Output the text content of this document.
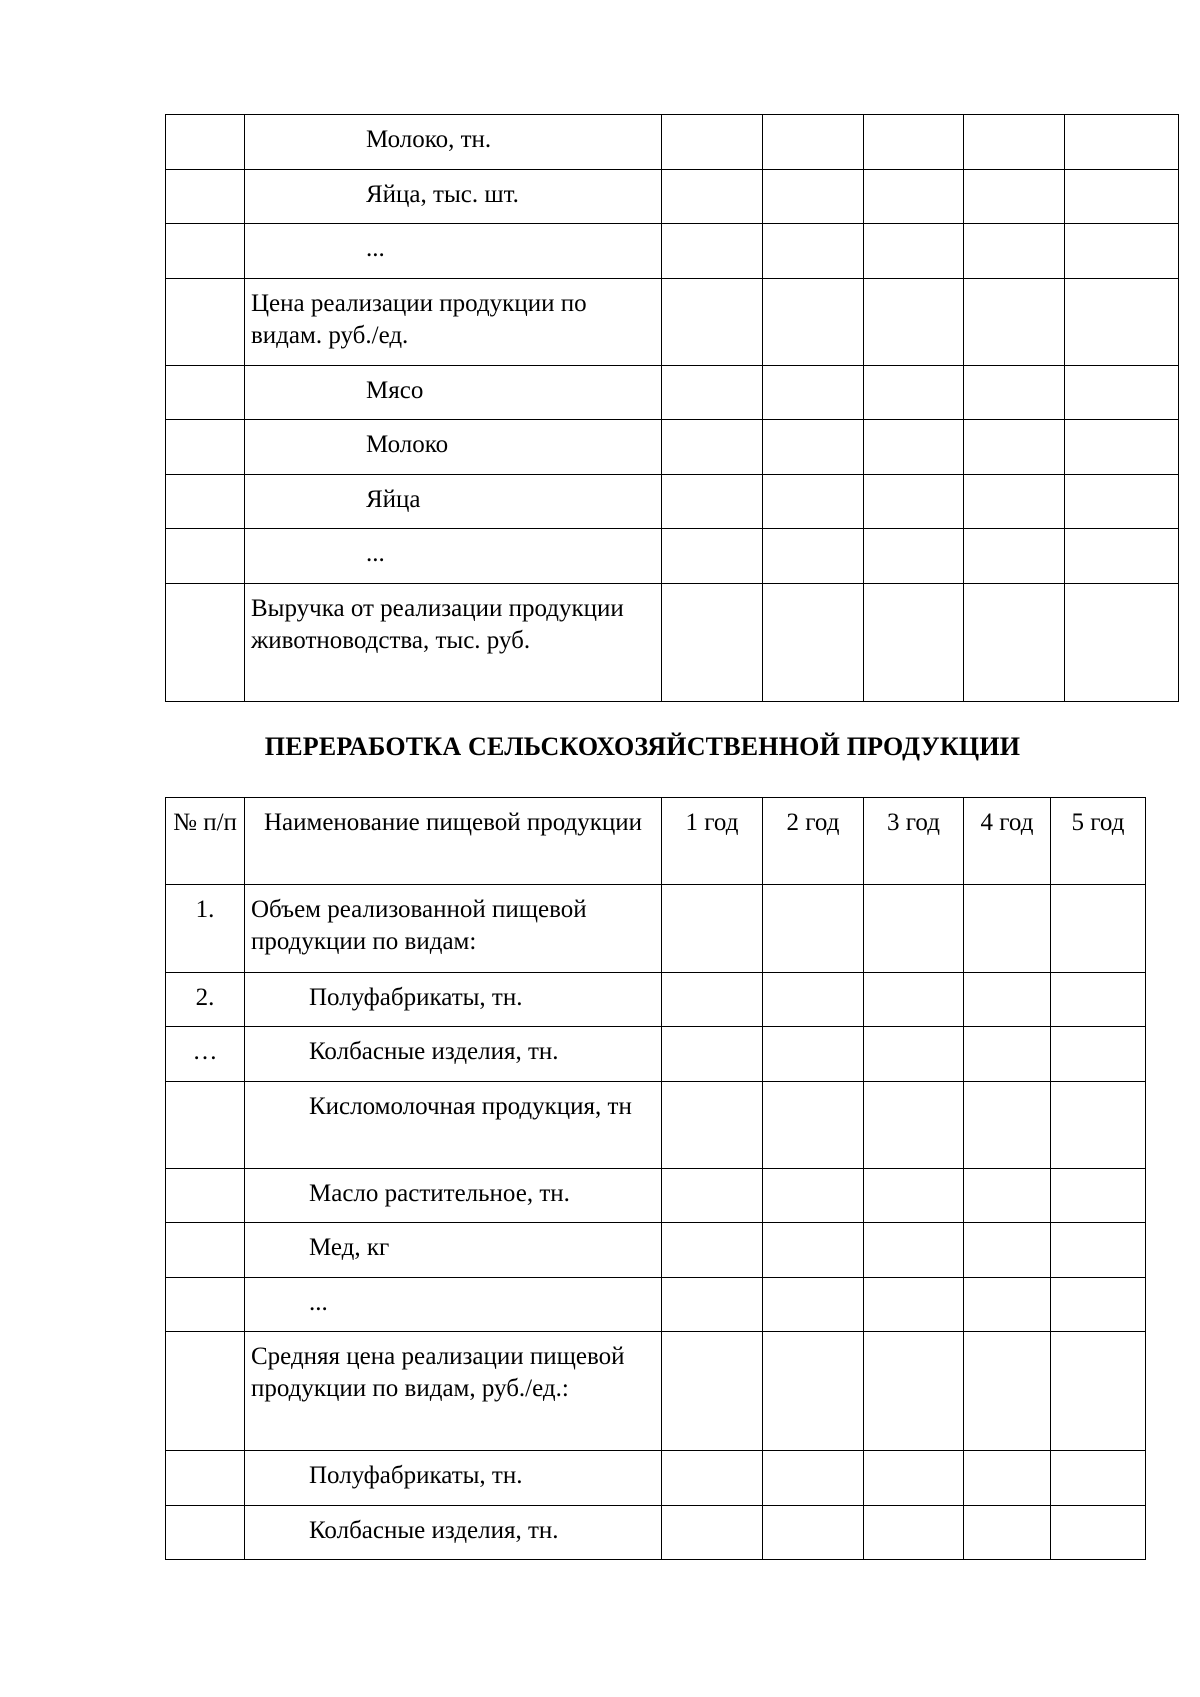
	Молоко, тн.					
	Яйца, тыс. шт.					
	...					
	Цена реализации продукции по видам. руб./ед.					
	Мясо					
	Молоко					
	Яйца					
	...					
	Выручка от реализации продукции животноводства, тыс. руб.					
ПЕРЕРАБОТКА СЕЛЬСКОХОЗЯЙСТВЕННОЙ ПРОДУКЦИИ
№ п/п	Наименование пищевой продукции	1 год	2 год	3 год	4 год	5 год
1.	Объем реализованной пищевой продукции по видам:					
2.	Полуфабрикаты, тн.					
…	Колбасные изделия, тн.					
	Кисломолочная продукция, тн					
	Масло растительное, тн.					
	Мед, кг					
	...					
	Средняя цена реализации пищевой продукции по видам, руб./ед.:					
	Полуфабрикаты, тн.					
	Колбасные изделия, тн.					
